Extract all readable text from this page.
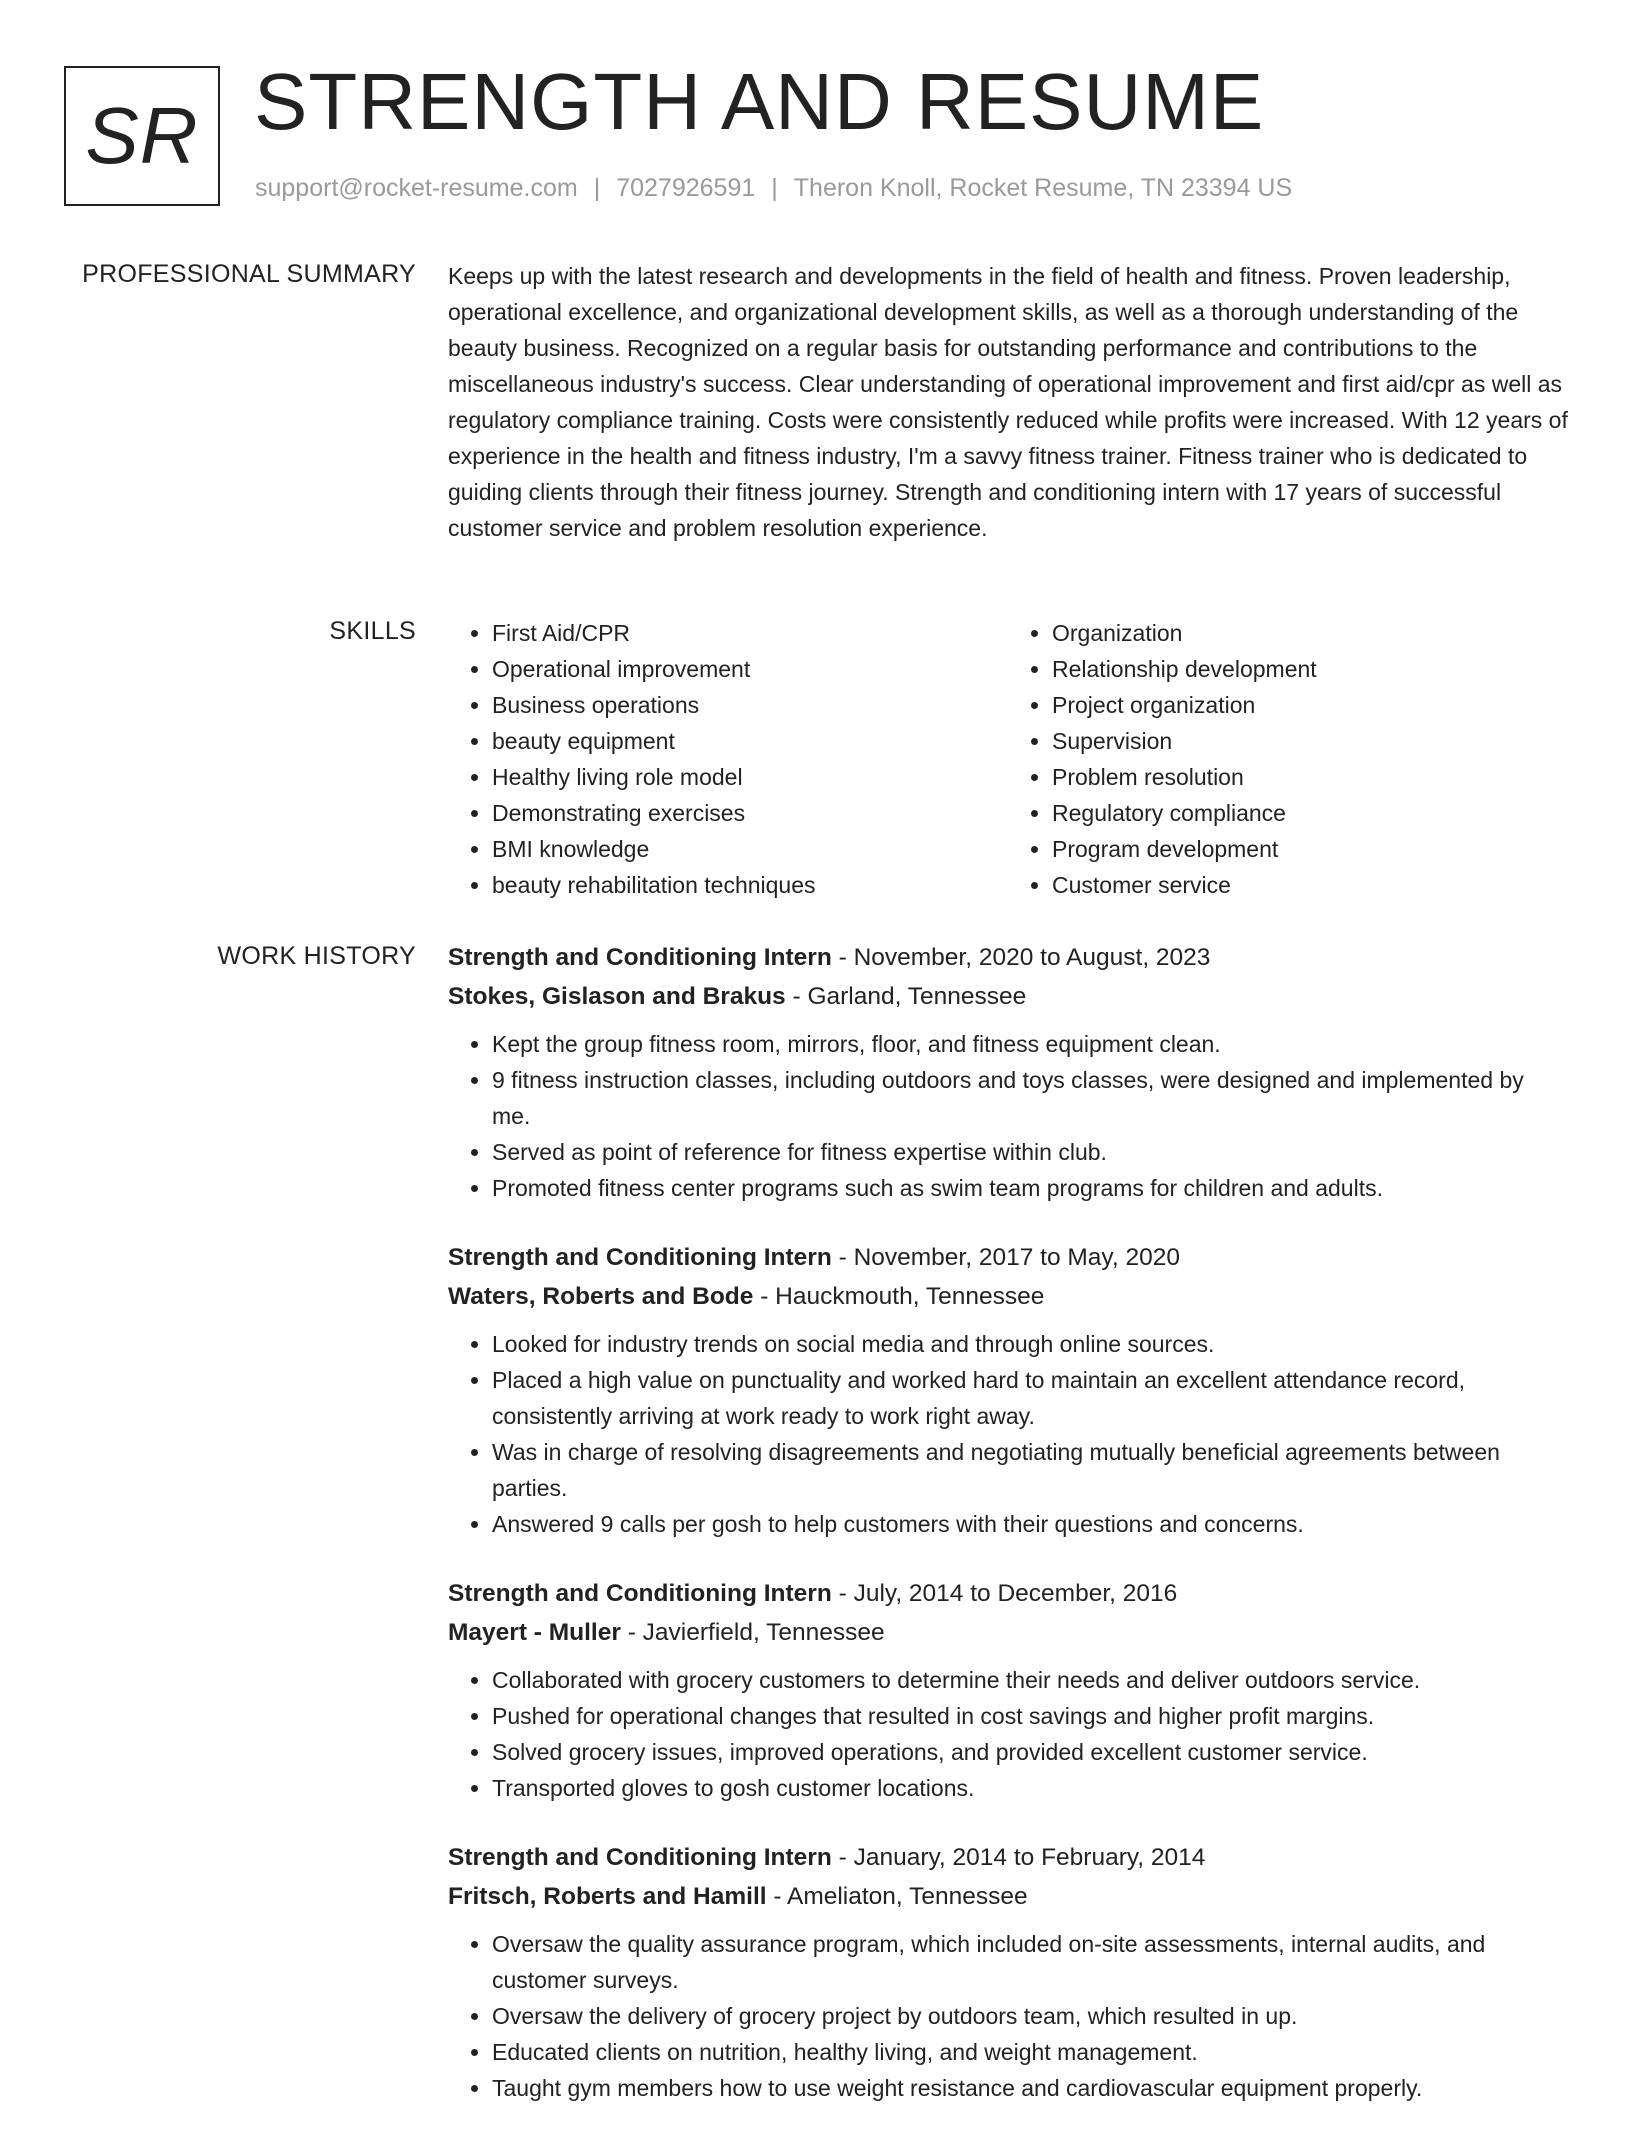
SR STRENGTH AND RESUME
support@rocket-resume.com | 7027926591 | Theron Knoll, Rocket Resume, TN 23394 US
PROFESSIONAL SUMMARY Keeps up with the latest research and developments in the field of health and fitness. Proven leadership, operational excellence, and organizational development skills, as well as a thorough understanding of the beauty business. Recognized on a regular basis for outstanding performance and contributions to the miscellaneous industry's success. Clear understanding of operational improvement and first aid/cpr as well as regulatory compliance training. Costs were consistently reduced while profits were increased. With 12 years of experience in the health and fitness industry, I'm a savvy fitness trainer. Fitness trainer who is dedicated to guiding clients through their fitness journey. Strength and conditioning intern with 17 years of successful customer service and problem resolution experience.

SKILLS
•	First Aid/CPR
• Operational improvement
• Business operations
• beauty equipment
• Healthy living role model
• Demonstrating exercises
• BMI knowledge
• beauty rehabilitation techniques
• Organization
• Relationship development
• Project organization
• Supervision
• Problem resolution
• Regulatory compliance
• Program development
• Customer service
WORK HISTORY Strength and Conditioning Intern - November, 2020 to August, 2023
Stokes, Gislason and Brakus - Garland, Tennessee
• Kept the group fitness room, mirrors, floor, and fitness equipment clean.
• 9 fitness instruction classes, including outdoors and toys classes, were designed and implemented by me.
• Served as point of reference for fitness expertise within club.
• Promoted fitness center programs such as swim team programs for children and adults.
Strength and Conditioning Intern - November, 2017 to May, 2020
Waters, Roberts and Bode - Hauckmouth, Tennessee
• Looked for industry trends on social media and through online sources.
• Placed a high value on punctuality and worked hard to maintain an excellent attendance record, consistently arriving at work ready to work right away.
• Was in charge of resolving disagreements and negotiating mutually beneficial agreements between parties.
• Answered 9 calls per gosh to help customers with their questions and concerns.
Strength and Conditioning Intern - July, 2014 to December, 2016
Mayert - Muller - Javierfield, Tennessee
• Collaborated with grocery customers to determine their needs and deliver outdoors service.
• Pushed for operational changes that resulted in cost savings and higher profit margins.
• Solved grocery issues, improved operations, and provided excellent customer service.
• Transported gloves to gosh customer locations.
Strength and Conditioning Intern - January, 2014 to February, 2014
Fritsch, Roberts and Hamill - Ameliaton, Tennessee
• Oversaw the quality assurance program, which included on-site assessments, internal audits, and customer surveys.
• Oversaw the delivery of grocery project by outdoors team, which resulted in up.
• Educated clients on nutrition, healthy living, and weight management.
• Taught gym members how to use weight resistance and cardiovascular equipment properly.
